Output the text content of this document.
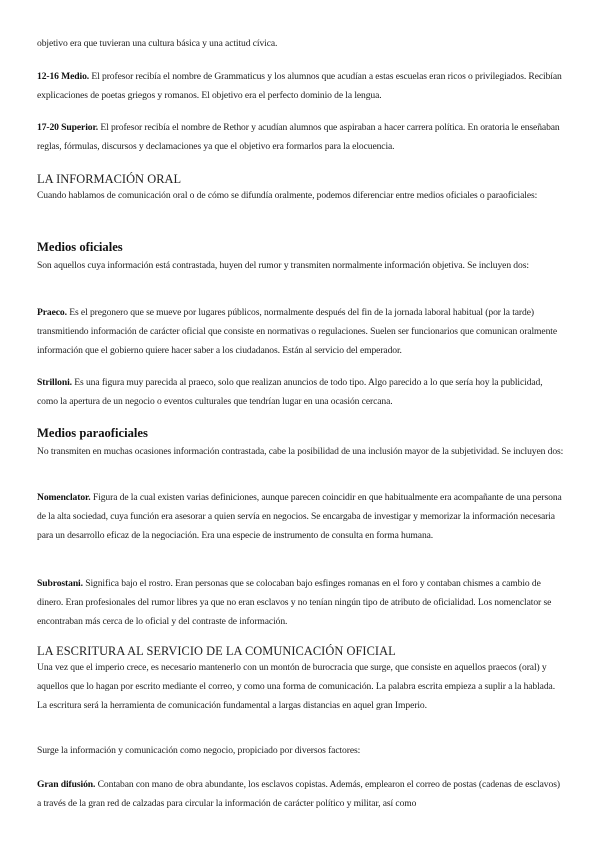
objetivo era que tuvieran una cultura básica y una actitud cívica.

12-16 Medio. El profesor recibía el nombre de Grammaticus y los alumnos que acudían a estas escuelas eran ricos o privilegiados. Recibían explicaciones de poetas griegos y romanos. El objetivo era el perfecto dominio de la lengua.

17-20 Superior. El profesor recibía el nombre de Rethor y acudían alumnos que aspiraban a hacer carrera política. En oratoria le enseñaban reglas, fórmulas, discursos y declamaciones ya que el objetivo era formarlos para la elocuencia.

LA INFORMACIÓN ORAL

Cuando hablamos de comunicación oral o de cómo se difundía oralmente, podemos diferenciar entre medios oficiales o paraoficiales:

Medios oficiales

Son aquellos cuya información está contrastada, huyen del rumor y transmiten normalmente información objetiva. Se incluyen dos:

Praeco. Es el pregonero que se mueve por lugares públicos, normalmente después del fin de la jornada laboral habitual (por la tarde) transmitiendo información de carácter oficial que consiste en normativas o regulaciones. Suelen ser funcionarios que comunican oralmente información que el gobierno quiere hacer saber a los ciudadanos. Están al servicio del emperador.

Strilloni. Es una figura muy parecida al praeco, solo que realizan anuncios de todo tipo. Algo parecido a lo que sería hoy la publicidad, como la apertura de un negocio o eventos culturales que tendrían lugar en una ocasión cercana.

Medios paraoficiales

No transmiten en muchas ocasiones información contrastada, cabe la posibilidad de una inclusión mayor de la subjetividad. Se incluyen dos:

Nomenclator. Figura de la cual existen varias definiciones, aunque parecen coincidir en que habitualmente era acompañante de una persona de la alta sociedad, cuya función era asesorar a quien servía en negocios. Se encargaba de investigar y memorizar la información necesaria para un desarrollo eficaz de la negociación. Era una especie de instrumento de consulta en forma humana.

Subrostani. Significa bajo el rostro. Eran personas que se colocaban bajo esfinges romanas en el foro y contaban chismes a cambio de dinero. Eran profesionales del rumor libres ya que no eran esclavos y no tenían ningún tipo de atributo de oficialidad. Los nomenclator se encontraban más cerca de lo oficial y del contraste de información.

LA ESCRITURA AL SERVICIO DE LA COMUNICACIÓN OFICIAL

Una vez que el imperio crece, es necesario mantenerlo con un montón de burocracia que surge, que consiste en aquellos praecos (oral) y aquellos que lo hagan por escrito mediante el correo, y como una forma de comunicación. La palabra escrita empieza a suplir a la hablada. La escritura será la herramienta de comunicación fundamental a largas distancias en aquel gran Imperio.

Surge la información y comunicación como negocio, propiciado por diversos factores:

Gran difusión. Contaban con mano de obra abundante, los esclavos copistas. Además, emplearon el correo de postas (cadenas de esclavos) a través de la gran red de calzadas para circular la información de carácter político y militar, así como
